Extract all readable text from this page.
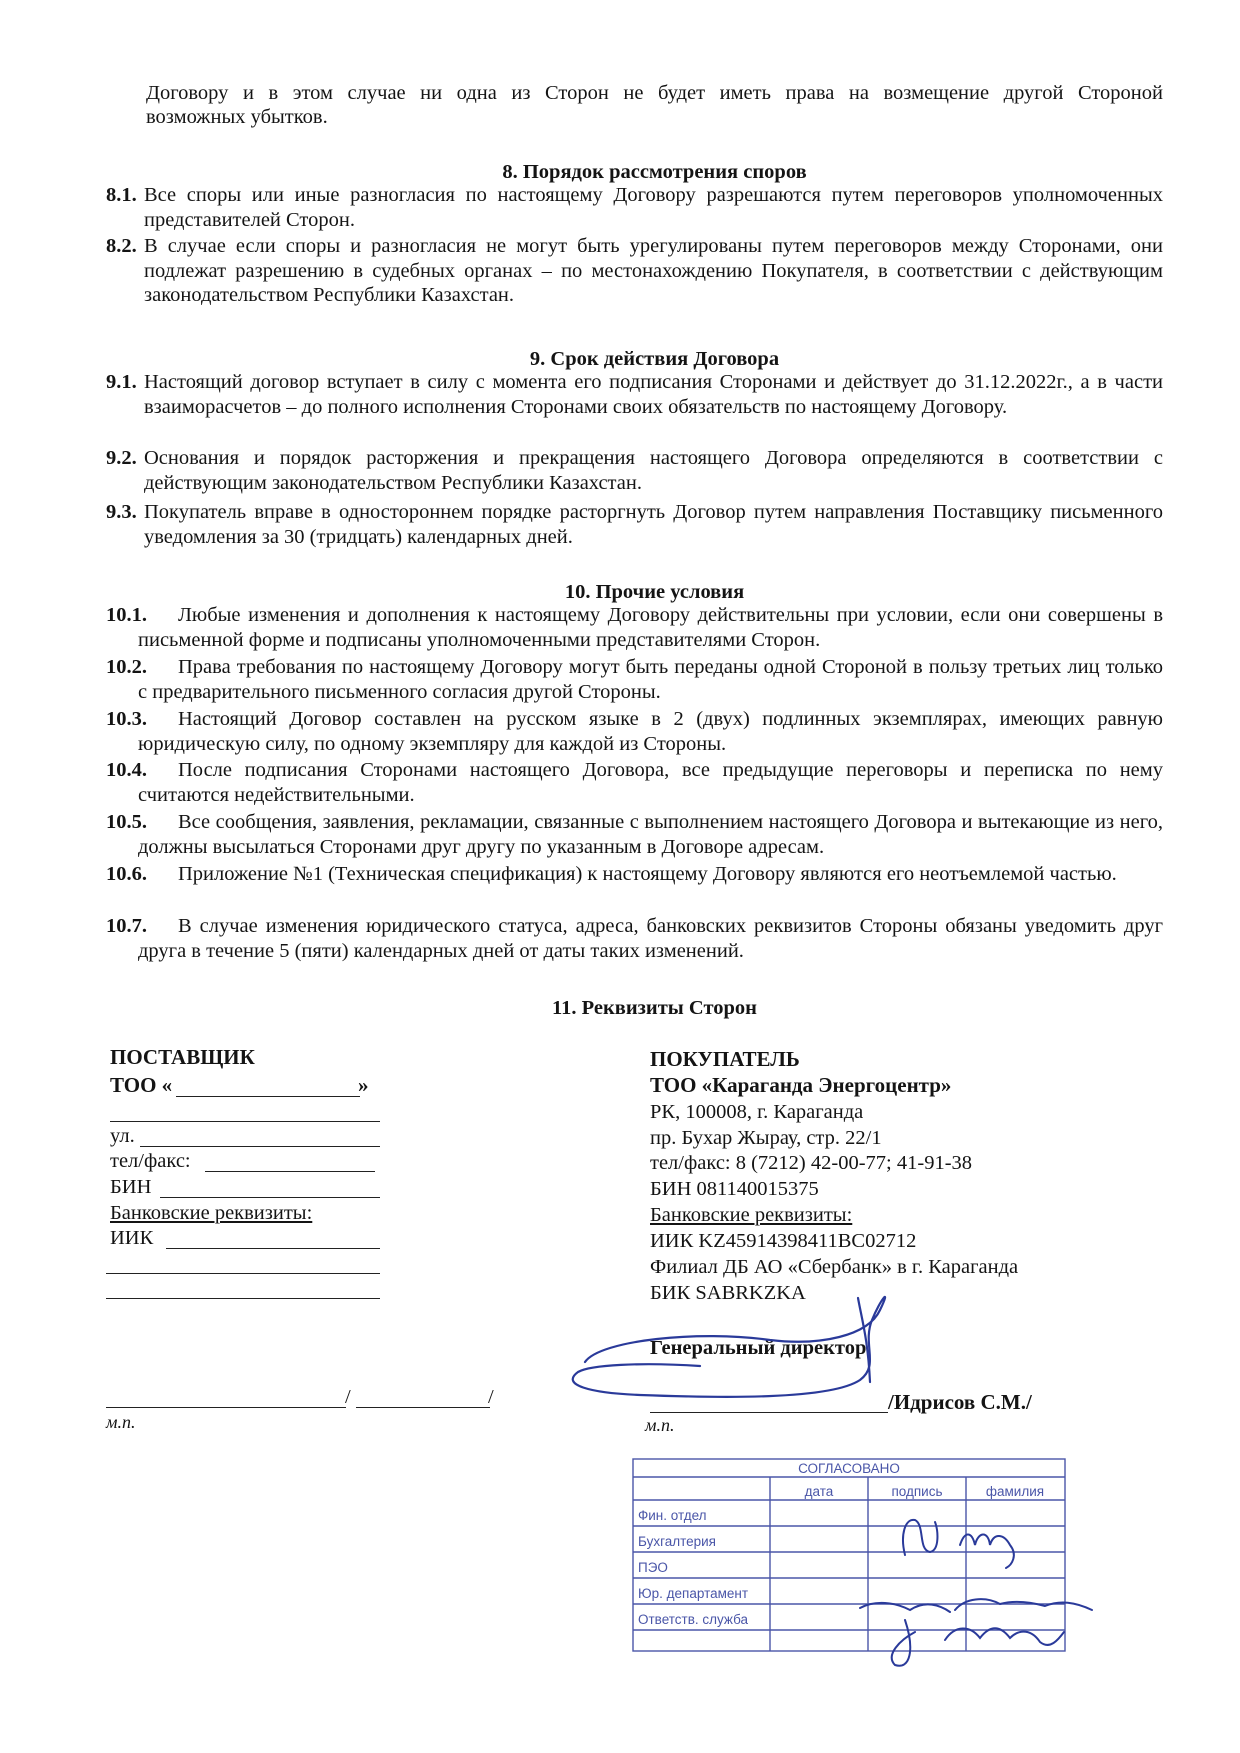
Договору и в этом случае ни одна из Сторон не будет иметь права на возмещение другой Стороной
возможных убытков.
8. Порядок рассмотрения споров
8.1. Все споры или иные разногласия по настоящему Договору разрешаются путем переговоров уполномоченных представителей Сторон.
8.2. В случае если споры и разногласия не могут быть урегулированы путем переговоров между Сторонами, они подлежат разрешению в судебных органах – по местонахождению Покупателя, в соответствии с действующим законодательством Республики Казахстан.
9. Срок действия Договора
9.1. Настоящий договор вступает в силу с момента его подписания Сторонами и действует до 31.12.2022г., а в части взаиморасчетов – до полного исполнения Сторонами своих обязательств по настоящему Договору.
9.2. Основания и порядок расторжения и прекращения настоящего Договора определяются в соответствии с действующим законодательством Республики Казахстан.
9.3. Покупатель вправе в одностороннем порядке расторгнуть Договор путем направления Поставщику письменного уведомления за 30 (тридцать) календарных дней.
10. Прочие условия
10.1.	Любые изменения и дополнения к настоящему Договору действительны при условии, если они совершены в письменной форме и подписаны уполномоченными представителями Сторон.
10.2.	Права требования по настоящему Договору могут быть переданы одной Стороной в пользу третьих лиц только с предварительного письменного согласия другой Стороны.
10.3.	Настоящий Договор составлен на русском языке в 2 (двух) подлинных экземплярах, имеющих равную юридическую силу, по одному экземпляру для каждой из Стороны.
10.4.	После подписания Сторонами настоящего Договора, все предыдущие переговоры и переписка по нему считаются недействительными.
10.5.	Все сообщения, заявления, рекламации, связанные с выполнением настоящего Договора и вытекающие из него, должны высылаться Сторонами друг другу по указанным в Договоре адресам.
10.6.	Приложение №1 (Техническая спецификация) к настоящему Договору являются его неотъемлемой частью.
10.7.	В случае изменения юридического статуса, адреса, банковских реквизитов Стороны обязаны уведомить друг друга в течение 5 (пяти) календарных дней от даты таких изменений.
11. Реквизиты Сторон
ПОСТАВЩИК
ТОО «	»
ул.
тел/факс:
БИН
Банковские реквизиты:
ИИК
/	/
м.п.
ПОКУПАТЕЛЬ
ТОО «Караганда Энергоцентр»
РК, 100008, г. Караганда
пр. Бухар Жырау, стр. 22/1
тел/факс: 8 (7212) 42-00-77; 41-91-38
БИН 081140015375
Банковские реквизиты:
ИИК KZ45914398411BC02712
Филиал ДБ АО «Сбербанк» в г. Караганда
БИК SABRKZKA
Генеральный директор
/Идрисов С.М./
м.п.
СОГЛАСОВАНО
дата	подпись	фамилия
Фин. отдел
Бухгалтерия
ПЭО
Юр. департамент
Ответств. служба
